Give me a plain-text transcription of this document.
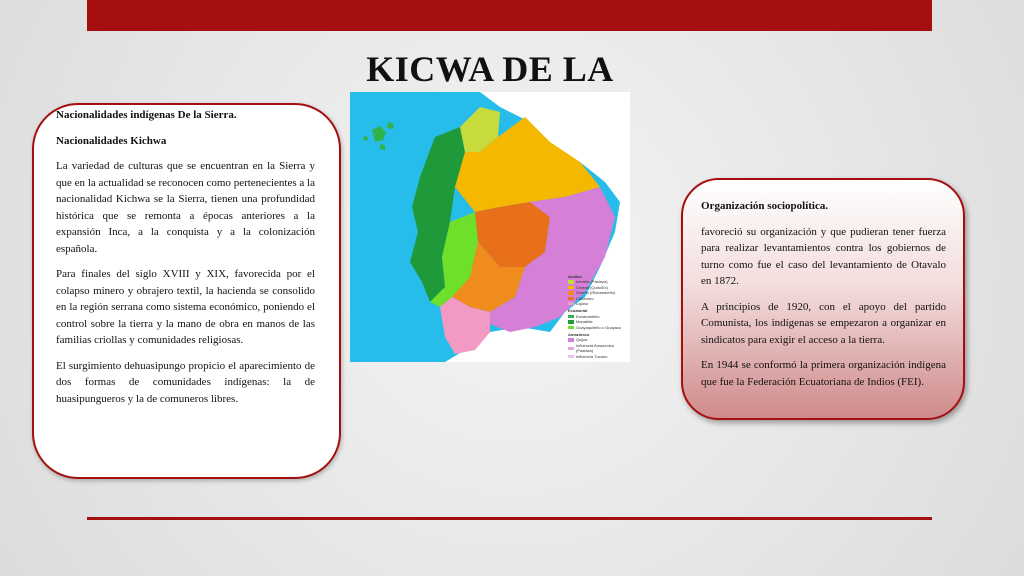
KICWA DE LA

Nacionalidades indígenas De la Sierra.

Nacionalidades Kichwa

La variedad de culturas que se encuentran en la Sierra y que en la actualidad se reconocen como pertenecientes a la nacionalidad Kichwa se la Sierra, tienen una profundidad histórica que se remonta a épocas anteriores a la expansión Inca, a la conquista y a la colonización española.

Para finales del siglo XVIII y XIX, favorecida por el colapso minero y obrajero textil, la hacienda se consolido en la región serrana como sistema económico, poniendo el control sobre la tierra y la mano de obra en manos de las familias criollas y comunidades religiosas.

El surgimiento dehuasipungo propicio el aparecimiento de dos formas de comunidades indígenas: la de huasipungueros y la de comuneros libres.

Andino
Imbaña (Pastaza)
Central (Quito/Ex)
Sureño (Riobambeño)
Cañanreo
Lojano
Ecuatorial
Esmeraldeño
Manabita
Guayaquileño o Guayaco
Amazónico
Quijos
Influencia Amazónica (Pastaza)
Influencia Tucano

Organización sociopolítica.

favoreció su organización y que pudieran tener fuerza para realizar levantamientos contra los gobiernos de turno como fue el caso del levantamiento de Otavalo en 1872.

A principios de 1920, con el apoyo del partido Comunista, los indígenas se empezaron a organizar en sindicatos para exigir el acceso a la tierra.

En 1944 se conformó la primera organización indígena que fue la Federación Ecuatoriana de Indios (FEI).
